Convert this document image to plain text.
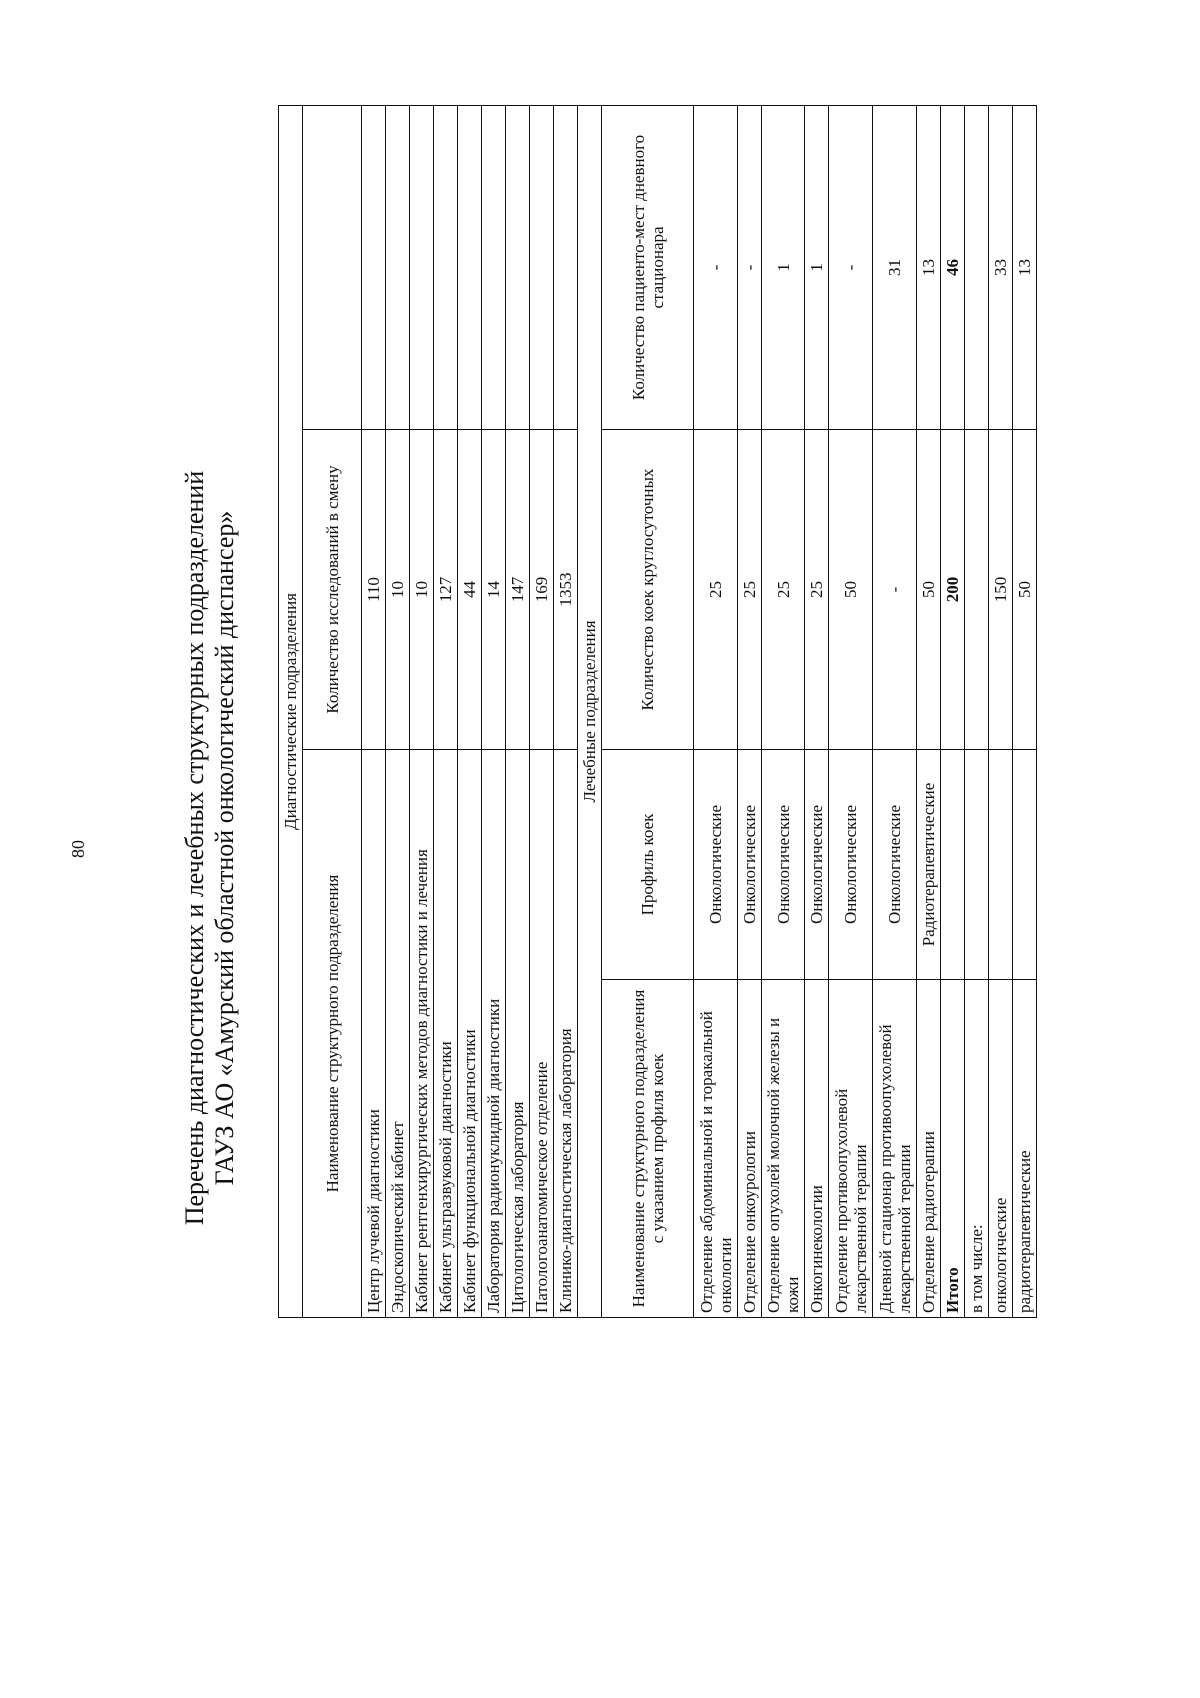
80	Перечень диагностических и лечебных структурных подразделений ГАУЗ АО «Амурский областной онкологический диспансер» Диагностические подразделения			
Наименование структурного подразделения		Количество исследований в смену	
Центр лучевой диагностики		110	
Эндоскопический кабинет		10	
Кабинет рентгенхирургических методов диагностики и лечения		10	
Кабинет ультразвуковой диагностики		127	
Кабинет функциональной диагностики		44	
Лаборатория радионуклидной диагностики		14	
Цитологическая лаборатория		147	
Патологоанатомическое отделение		169	
Клинико-диагностическая лаборатория		1353	
Лечебные подразделения			
Наименование структурного подразделения с указанием профиля коек	Профиль коек	Количество коек круглосуточных	Количество пациенто-мест дневного стационара
Отделение абдоминальной и торакальной онкологии	Онкологические	25	-
Отделение онкоурологии	Онкологические	25	-
Отделение опухолей молочной железы и кожи	Онкологические	25	1
Онкогинекологии	Онкологические	25	1
Отделение противоопухолевой лекарственной терапии	Онкологические	50	-
Дневной стационар противоопухолевой лекарственной терапии	Онкологические	-	31
Отделение радиотерапии	Радиотерапевтические	50	13
Итого		200	46
в том числе:			
онкологические		150	33
радиотерапевтические		50	13
